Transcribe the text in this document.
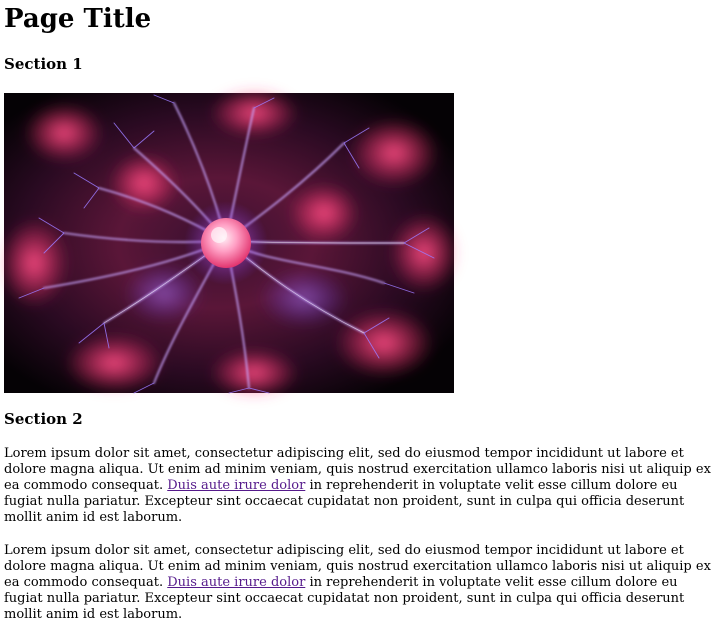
Page Title
Section 1
Section 2

Lorem ipsum dolor sit amet, consectetur adipiscing elit, sed do eiusmod tempor incididunt ut labore et dolore magna aliqua. Ut enim ad minim veniam, quis nostrud exercitation ullamco laboris nisi ut aliquip ex ea commodo consequat. Duis aute irure dolor in reprehenderit in voluptate velit esse cillum dolore eu fugiat nulla pariatur. Excepteur sint occaecat cupidatat non proident, sunt in culpa qui officia deserunt mollit anim id est laborum.

Lorem ipsum dolor sit amet, consectetur adipiscing elit, sed do eiusmod tempor incididunt ut labore et dolore magna aliqua. Ut enim ad minim veniam, quis nostrud exercitation ullamco laboris nisi ut aliquip ex ea commodo consequat. Duis aute irure dolor in reprehenderit in voluptate velit esse cillum dolore eu fugiat nulla pariatur. Excepteur sint occaecat cupidatat non proident, sunt in culpa qui officia deserunt mollit anim id est laborum.
